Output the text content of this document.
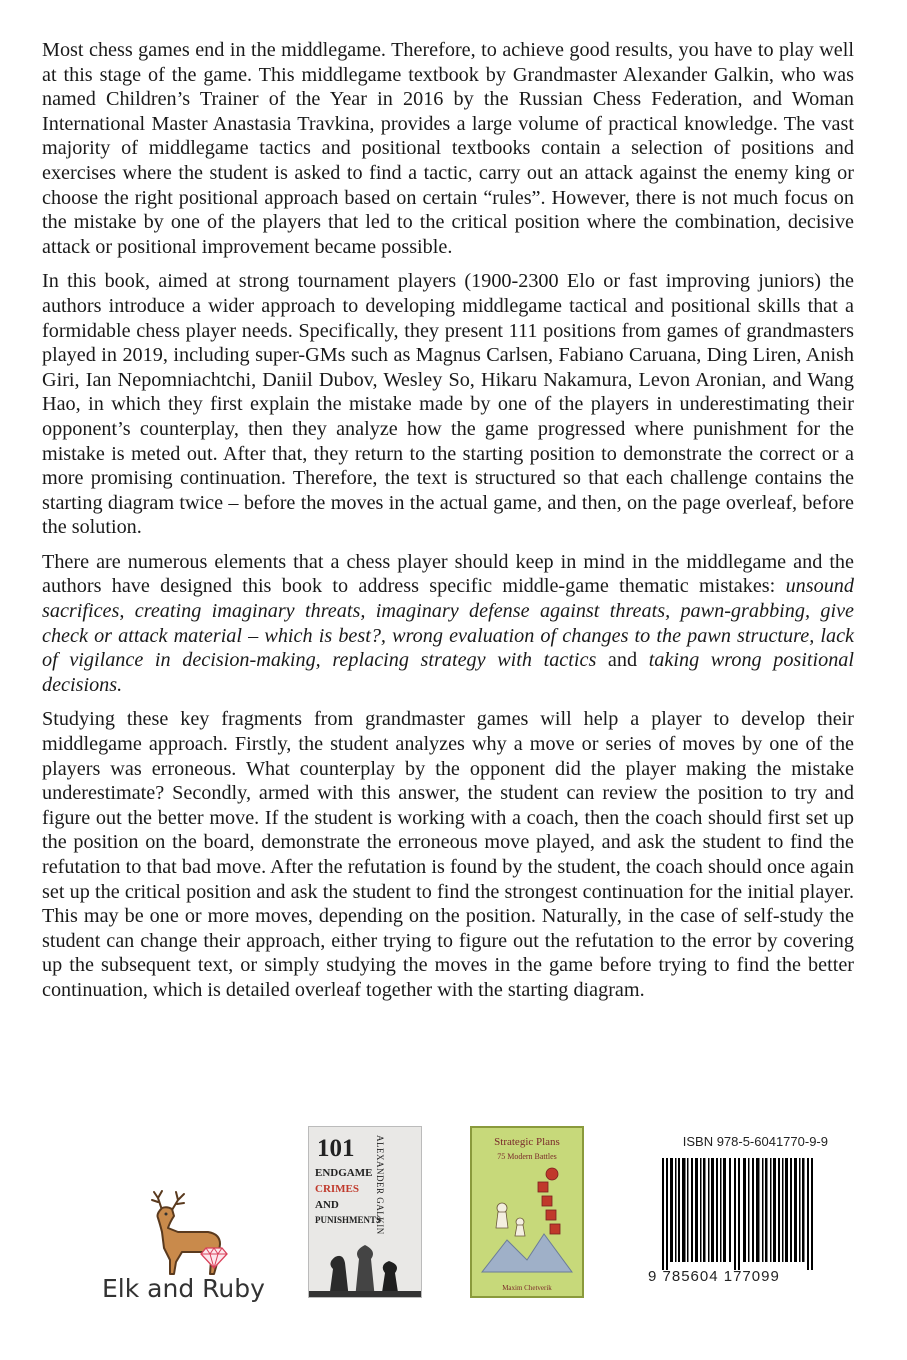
Most chess games end in the middlegame. Therefore, to achieve good results, you have to play well at this stage of the game. This middlegame textbook by Grandmaster Alexander Galkin, who was named Children’s Trainer of the Year in 2016 by the Russian Chess Federation, and Woman International Master Anastasia Travkina, provides a large volume of practical knowledge. The vast majority of middlegame tactics and positional textbooks contain a selection of positions and exercises where the student is asked to find a tactic, carry out an attack against the enemy king or choose the right positional approach based on certain “rules”. However, there is not much focus on the mistake by one of the players that led to the critical position where the combination, decisive attack or positional improvement became possible.

In this book, aimed at strong tournament players (1900-2300 Elo or fast improving juniors) the authors introduce a wider approach to developing middlegame tactical and positional skills that a formidable chess player needs. Specifically, they present 111 positions from games of grandmasters played in 2019, including super-GMs such as Magnus Carlsen, Fabiano Caruana, Ding Liren, Anish Giri, Ian Nepomniachtchi, Daniil Dubov, Wesley So, Hikaru Nakamura, Levon Aronian, and Wang Hao, in which they first explain the mistake made by one of the players in underestimating their opponent’s counterplay, then they analyze how the game progressed where punishment for the mistake is meted out. After that, they return to the starting position to demonstrate the correct or a more promising continuation. Therefore, the text is structured so that each challenge contains the starting diagram twice – before the moves in the actual game, and then, on the page overleaf, before the solution.

There are numerous elements that a chess player should keep in mind in the middlegame and the authors have designed this book to address specific middle-game thematic mistakes: unsound sacrifices, creating imaginary threats, imaginary defense against threats, pawn-grabbing, give check or attack material – which is best?, wrong evaluation of changes to the pawn structure, lack of vigilance in decision-making, replacing strategy with tactics and taking wrong positional decisions.

Studying these key fragments from grandmaster games will help a player to develop their middlegame approach. Firstly, the student analyzes why a move or series of moves by one of the players was erroneous. What counterplay by the opponent did the player making the mistake underestimate? Secondly, armed with this answer, the student can review the position to try and figure out the better move. If the student is working with a coach, then the coach should first set up the position on the board, demonstrate the erroneous move played, and ask the student to find the refutation to that bad move. After the refutation is found by the student, the coach should once again set up the critical position and ask the student to find the strongest continuation for the initial player. This may be one or more moves, depending on the position. Naturally, in the case of self-study the student can change their approach, either trying to figure out the refutation to the error by covering up the subsequent text, or simply studying the moves in the game before trying to find the better continuation, which is detailed overleaf together with the starting diagram.

Elk and Ruby
101
ENDGAME
CRIMES
AND
PUNISHMENTS
ALEXANDER GALKIN	Strategic Plans
75 Modern Battles
Maxim Chetverik
ISBN 978-5-6041770-9-9
9 785604 177099
